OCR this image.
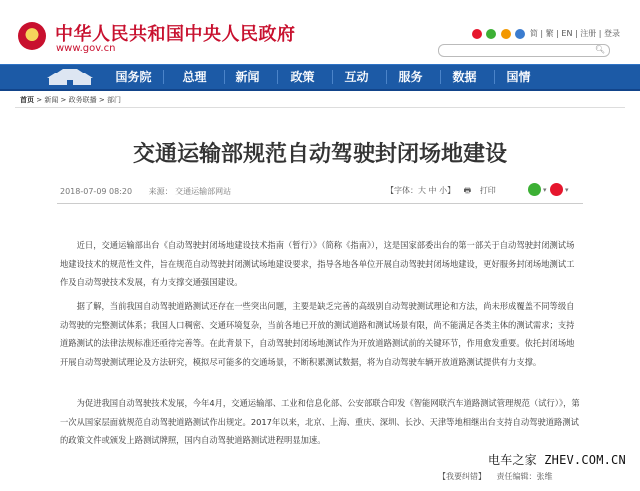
中华人民共和国中央人民政府
www.gov.cn
简 | 繁 | EN | 注册 | 登录
🔍︎
国务院	总理	新闻	政策	互动	服务	数据	国情
首页 > 新闻 > 政务联播 > 部门
交通运输部规范自动驾驶封闭场地建设
2018-07-09 08:20 来源： 交通运输部网站	【字体：大 中 小】 🖶︎ 打印	▾	▾

近日，交通运输部出台《自动驾驶封闭场地建设技术指南（暂行）》（简称《指南》），这是国家部委出台的第一部关于自动驾驶封闭测试场地建设技术的规范性文件，旨在规范自动驾驶封闭测试场地建设要求，指导各地各单位开展自动驾驶封闭场地建设，更好服务封闭场地测试工作及自动驾驶技术发展，有力支撑交通强国建设。

据了解，当前我国自动驾驶道路测试还存在一些突出问题，主要是缺乏完善的高级别自动驾驶测试理论和方法，尚未形成覆盖不同等级自动驾驶的完整测试体系；我国人口稠密、交通环境复杂，当前各地已开放的测试道路和测试场景有限，尚不能满足各类主体的测试需求；支持道路测试的法律法规标准还亟待完善等。在此背景下，自动驾驶封闭场地测试作为开放道路测试前的关键环节，作用愈发重要。依托封闭场地开展自动驾驶测试理论及方法研究，模拟尽可能多的交通场景，不断积累测试数据，将为自动驾驶车辆开放道路测试提供有力支撑。

为促进我国自动驾驶技术发展，今年4月，交通运输部、工业和信息化部、公安部联合印发《智能网联汽车道路测试管理规范（试行）》，第一次从国家层面就规范自动驾驶道路测试作出规定。2017年以来，北京、上海、重庆、深圳、长沙、天津等地相继出台支持自动驾驶道路测试的政策文件或颁发上路测试牌照，国内自动驾驶道路测试进程明显加速。

电车之家 ZHEV.COM.CN
【我要纠错】 责任编辑：张维
